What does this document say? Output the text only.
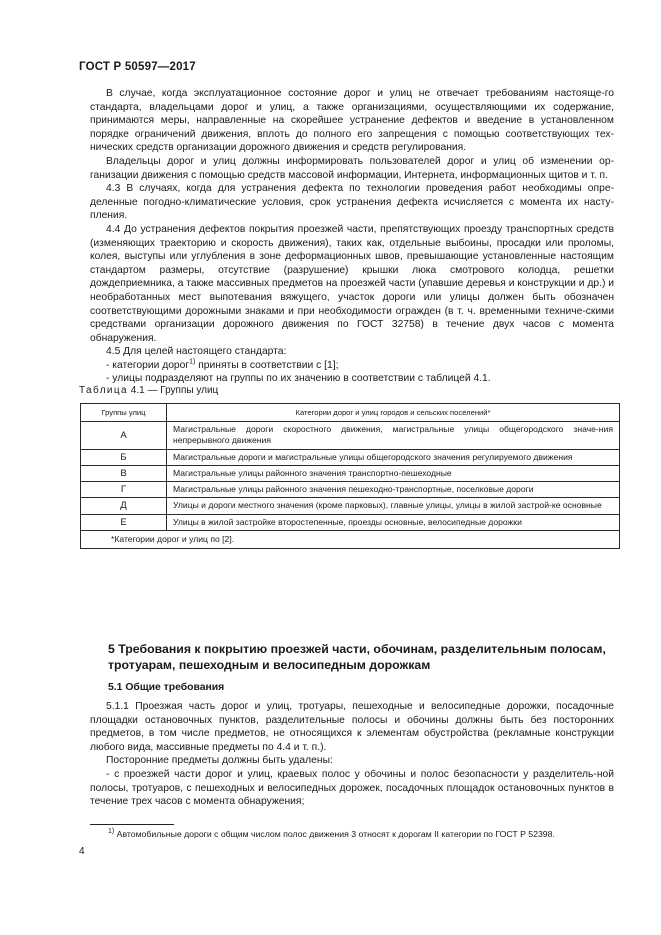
ГОСТ Р 50597—2017

В случае, когда эксплуатационное состояние дорог и улиц не отвечает требованиям настояще-го стандарта, владельцами дорог и улиц, а также организациями, осуществляющими их содержание, принимаются меры, направленные на скорейшее устранение дефектов и введение в установленном порядке ограничений движения, вплоть до полного его запрещения с помощью соответствующих тех-нических средств организации дорожного движения и средств регулирования.

Владельцы дорог и улиц должны информировать пользователей дорог и улиц об изменении ор-ганизации движения с помощью средств массовой информации, Интернета, информационных щитов и т. п.

4.3 В случаях, когда для устранения дефекта по технологии проведения работ необходимы опре-деленные погодно-климатические условия, срок устранения дефекта исчисляется с момента их насту-пления.

4.4 До устранения дефектов покрытия проезжей части, препятствующих проезду транспортных средств (изменяющих траекторию и скорость движения), таких как, отдельные выбоины, просадки или проломы, колея, выступы или углубления в зоне деформационных швов, превышающие установленные настоящим стандартом размеры, отсутствие (разрушение) крышки люка смотрового колодца, решетки дождеприемника, а также массивных предметов на проезжей части (упавшие деревья и конструкции и др.) и необработанных мест выпотевания вяжущего, участок дороги или улицы должен быть обозначен соответствующими дорожными знаками и при необходимости огражден (в т. ч. временными техниче-скими средствами организации дорожного движения по ГОСТ 32758) в течение двух часов с момента обнаружения.

4.5 Для целей настоящего стандарта:

- категории дорог$^{1)}$ приняты в соответствии с [1];

- улицы подразделяют на группы по их значению в соответствии с таблицей 4.1.

Таблица 4.1 — Группы улиц
Группы улиц	Категории дорог и улиц городов и сельских поселений*
А	Магистральные дороги скоростного движения, магистральные улицы общегородского значе-ния непрерывного движения
Б	Магистральные дороги и магистральные улицы общегородского значения регулируемого движения
В	Магистральные улицы районного значения транспортно-пешеходные
Г	Магистральные улицы районного значения пешеходно-транспортные, поселковые дороги
Д	Улицы и дороги местного значения (кроме парковых), главные улицы, улицы в жилой застрой-ке основные
Е	Улицы в жилой застройке второстепенные, проезды основные, велосипедные дорожки
*Категории дорог и улиц по [2].	
5 Требования к покрытию проезжей части, обочинам, разделительным полосам, тротуарам, пешеходным и велосипедным дорожкам
5.1 Общие требования

5.1.1 Проезжая часть дорог и улиц, тротуары, пешеходные и велосипедные дорожки, посадочные площадки остановочных пунктов, разделительные полосы и обочины должны быть без посторонних предметов, в том числе предметов, не относящихся к элементам обустройства (рекламные конструкции любого вида, массивные предметы по 4.4 и т. п.).

Посторонние предметы должны быть удалены:

- с проезжей части дорог и улиц, краевых полос у обочины и полос безопасности у разделитель-ной полосы, тротуаров, с пешеходных и велосипедных дорожек, посадочных площадок остановочных пунктов в течение трех часов с момента обнаружения;

$^{1)}$ Автомобильные дороги с общим числом полос движения 3 относят к дорогам II категории по ГОСТ Р 52398.
4
